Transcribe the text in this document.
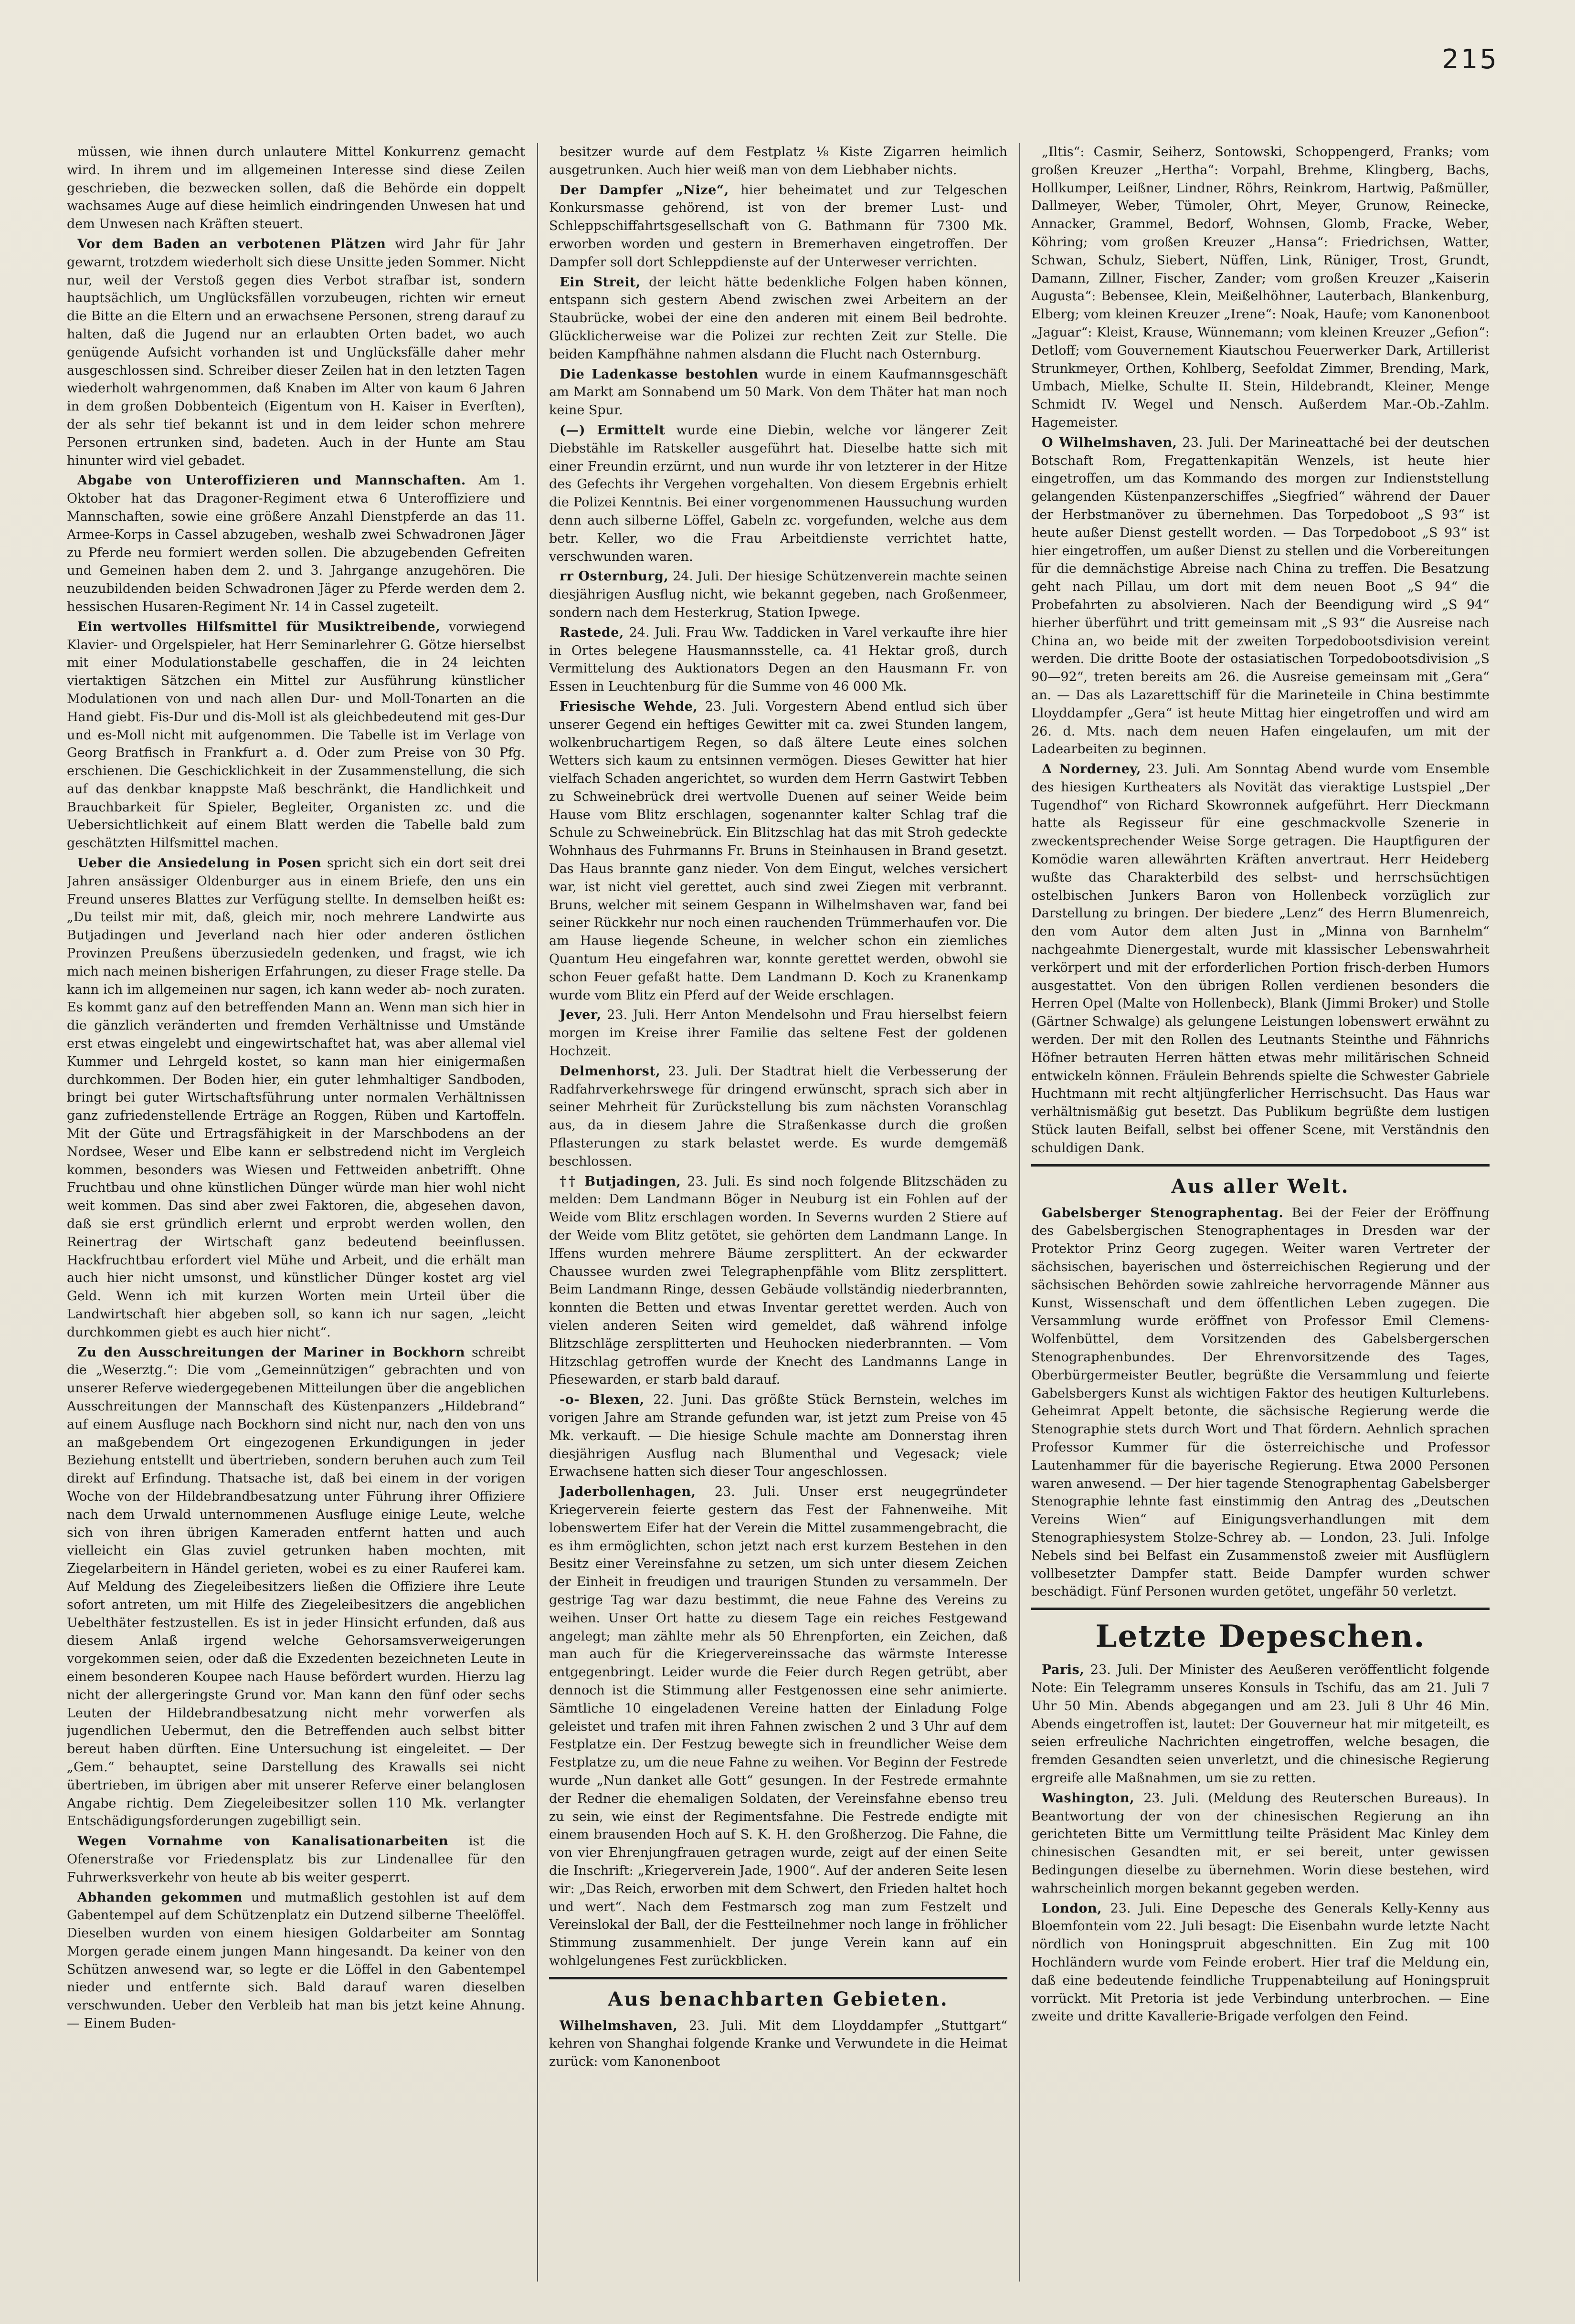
215

müssen, wie ihnen durch unlautere Mittel Konkurrenz gemacht wird. In ihrem und im allgemeinen Interesse sind diese Zeilen geschrieben, die bezwecken sollen, daß die Behörde ein doppelt wachsames Auge auf diese heimlich eindringenden Unwesen hat und dem Unwesen nach Kräften steuert.

Vor dem Baden an verbotenen Plätzen wird Jahr für Jahr gewarnt, trotzdem wiederholt sich diese Unsitte jeden Sommer. Nicht nur, weil der Verstoß gegen dies Verbot strafbar ist, sondern hauptsächlich, um Unglücksfällen vorzubeugen, richten wir erneut die Bitte an die Eltern und an erwachsene Personen, streng darauf zu halten, daß die Jugend nur an erlaubten Orten badet, wo auch genügende Aufsicht vorhanden ist und Unglücksfälle daher mehr ausgeschlossen sind. Schreiber dieser Zeilen hat in den letzten Tagen wiederholt wahrgenommen, daß Knaben im Alter von kaum 6 Jahren in dem großen Dobbenteich (Eigentum von H. Kaiser in Everſten), der als sehr tief bekannt ist und in dem leider schon mehrere Personen ertrunken sind, badeten. Auch in der Hunte am Stau hinunter wird viel gebadet.

Abgabe von Unteroffizieren und Mannschaften. Am 1. Oktober hat das Dragoner-Regiment etwa 6 Unteroffiziere und Mannschaften, sowie eine größere Anzahl Dienstpferde an das 11. Armee-Korps in Cassel abzugeben, weshalb zwei Schwadronen Jäger zu Pferde neu formiert werden sollen. Die abzugebenden Gefreiten und Gemeinen haben dem 2. und 3. Jahrgange anzugehören. Die neuzubildenden beiden Schwadronen Jäger zu Pferde werden dem 2. hessischen Husaren-Regiment Nr. 14 in Cassel zugeteilt.

Ein wertvolles Hilfsmittel für Musiktreibende, vorwiegend Klavier- und Orgelspieler, hat Herr Seminarlehrer G. Götze hierselbst mit einer Modulationstabelle geschaffen, die in 24 leichten viertaktigen Sätzchen ein Mittel zur Ausführung künstlicher Modulationen von und nach allen Dur- und Moll-Tonarten an die Hand giebt. Fis-Dur und dis-Moll ist als gleichbedeutend mit ges-Dur und es-Moll nicht mit aufgenommen. Die Tabelle ist im Verlage von Georg Bratfisch in Frankfurt a. d. Oder zum Preise von 30 Pfg. erschienen. Die Geschicklichkeit in der Zusammenstellung, die sich auf das denkbar knappste Maß beschränkt, die Handlichkeit und Brauchbarkeit für Spieler, Begleiter, Organisten zc. und die Uebersichtlichkeit auf einem Blatt werden die Tabelle bald zum geschätzten Hilfsmittel machen.

Ueber die Ansiedelung in Posen spricht sich ein dort seit drei Jahren ansässiger Oldenburger aus in einem Briefe, den uns ein Freund unseres Blattes zur Verfügung stellte. In demselben heißt es: „Du teilst mir mit, daß, gleich mir, noch mehrere Landwirte aus Butjadingen und Jeverland nach hier oder anderen östlichen Provinzen Preußens überzusiedeln gedenken, und fragst, wie ich mich nach meinen bisherigen Erfahrungen, zu dieser Frage stelle. Da kann ich im allgemeinen nur sagen, ich kann weder ab- noch zuraten. Es kommt ganz auf den betreffenden Mann an. Wenn man sich hier in die gänzlich veränderten und fremden Verhältnisse und Umstände erst etwas eingelebt und eingewirtschaftet hat, was aber allemal viel Kummer und Lehrgeld kostet, so kann man hier einigermaßen durchkommen. Der Boden hier, ein guter lehmhaltiger Sandboden, bringt bei guter Wirtschaftsführung unter normalen Verhältnissen ganz zufriedenstellende Erträge an Roggen, Rüben und Kartoffeln. Mit der Güte und Ertragsfähigkeit in der Marschbodens an der Nordsee, Weser und Elbe kann er selbstredend nicht im Vergleich kommen, besonders was Wiesen und Fettweiden anbetrifft. Ohne Fruchtbau und ohne künstlichen Dünger würde man hier wohl nicht weit kommen. Das sind aber zwei Faktoren, die, abgesehen davon, daß sie erst gründlich erlernt und erprobt werden wollen, den Reinertrag der Wirtschaft ganz bedeutend beeinflussen. Hackfruchtbau erfordert viel Mühe und Arbeit, und die erhält man auch hier nicht umsonst, und künstlicher Dünger kostet arg viel Geld. Wenn ich mit kurzen Worten mein Urteil über die Landwirtschaft hier abgeben soll, so kann ich nur sagen, „leicht durchkommen giebt es auch hier nicht“.

Zu den Ausschreitungen der Mariner in Bockhorn schreibt die „Weserztg.“: Die vom „Gemeinnützigen“ gebrachten und von unserer Referve wiedergegebenen Mitteilungen über die angeblichen Ausschreitungen der Mannschaft des Küstenpanzers „Hildebrand“ auf einem Ausfluge nach Bockhorn sind nicht nur, nach den von uns an maßgebendem Ort eingezogenen Erkundigungen in jeder Beziehung entstellt und übertrieben, sondern beruhen auch zum Teil direkt auf Erfindung. Thatsache ist, daß bei einem in der vorigen Woche von der Hildebrandbesatzung unter Führung ihrer Offiziere nach dem Urwald unternommenen Ausfluge einige Leute, welche sich von ihren übrigen Kameraden entfernt hatten und auch vielleicht ein Glas zuviel getrunken haben mochten, mit Ziegelarbeitern in Händel gerieten, wobei es zu einer Rauferei kam. Auf Meldung des Ziegeleibesitzers ließen die Offiziere ihre Leute sofort antreten, um mit Hilfe des Ziegeleibesitzers die angeblichen Uebelthäter festzustellen. Es ist in jeder Hinsicht erfunden, daß aus diesem Anlaß irgend welche Gehorsamsverweigerungen vorgekommen seien, oder daß die Exzedenten bezeichneten Leute in einem besonderen Koupee nach Hause befördert wurden. Hierzu lag nicht der allergeringste Grund vor. Man kann den fünf oder sechs Leuten der Hildebrandbesatzung nicht mehr vorwerfen als jugendlichen Uebermut, den die Betreffenden auch selbst bitter bereut haben dürften. Eine Untersuchung ist eingeleitet. — Der „Gem.“ behauptet, seine Darstellung des Krawalls sei nicht übertrieben, im übrigen aber mit unserer Referve einer belanglosen Angabe richtig. Dem Ziegeleibesitzer sollen 110 Mk. verlangter Entschädigungsforderungen zugebilligt sein.

Wegen Vornahme von Kanalisationarbeiten ist die Ofenerstraße vor Friedensplatz bis zur Lindenallee für den Fuhrwerksverkehr von heute ab bis weiter gesperrt.

Abhanden gekommen und mutmaßlich gestohlen ist auf dem Gabentempel auf dem Schützenplatz ein Dutzend silberne Theelöffel. Dieselben wurden von einem hiesigen Goldarbeiter am Sonntag Morgen gerade einem jungen Mann hingesandt. Da keiner von den Schützen anwesend war, so legte er die Löffel in den Gabentempel nieder und entfernte sich. Bald darauf waren dieselben verschwunden. Ueber den Verbleib hat man bis jetzt keine Ahnung. — Einem Buden-

besitzer wurde auf dem Festplatz ⅛ Kiste Zigarren heimlich ausgetrunken. Auch hier weiß man von dem Liebhaber nichts.

Der Dampfer „Nize“, hier beheimatet und zur Telgeschen Konkursmasse gehörend, ist von der bremer Lust- und Schleppschiffahrtsgesellschaft von G. Bathmann für 7300 Mk. erworben worden und gestern in Bremerhaven eingetroffen. Der Dampfer soll dort Schleppdienste auf der Unterweser verrichten.

Ein Streit, der leicht hätte bedenkliche Folgen haben können, entspann sich gestern Abend zwischen zwei Arbeitern an der Staubrücke, wobei der eine den anderen mit einem Beil bedrohte. Glücklicherweise war die Polizei zur rechten Zeit zur Stelle. Die beiden Kampfhähne nahmen alsdann die Flucht nach Osternburg.

Die Ladenkasse bestohlen wurde in einem Kaufmannsgeschäft am Markt am Sonnabend um 50 Mark. Von dem Thäter hat man noch keine Spur.

(—) Ermittelt wurde eine Diebin, welche vor längerer Zeit Diebstähle im Ratskeller ausgeführt hat. Dieselbe hatte sich mit einer Freundin erzürnt, und nun wurde ihr von letzterer in der Hitze des Gefechts ihr Vergehen vorgehalten. Von diesem Ergebnis erhielt die Polizei Kenntnis. Bei einer vorgenommenen Haussuchung wurden denn auch silberne Löffel, Gabeln zc. vorgefunden, welche aus dem betr. Keller, wo die Frau Arbeitdienste verrichtet hatte, verschwunden waren.

rr Osternburg, 24. Juli. Der hiesige Schützenverein machte seinen diesjährigen Ausflug nicht, wie bekannt gegeben, nach Großenmeer, sondern nach dem Hesterkrug, Station Ipwege.

Rastede, 24. Juli. Frau Ww. Taddicken in Varel verkaufte ihre hier in Ortes belegene Hausmannsstelle, ca. 41 Hektar groß, durch Vermittelung des Auktionators Degen an den Hausmann Fr. von Essen in Leuchtenburg für die Summe von 46 000 Mk.

Friesische Wehde, 23. Juli. Vorgestern Abend entlud sich über unserer Gegend ein heftiges Gewitter mit ca. zwei Stunden langem, wolkenbruchartigem Regen, so daß ältere Leute eines solchen Wetters sich kaum zu entsinnen vermögen. Dieses Gewitter hat hier vielfach Schaden angerichtet, so wurden dem Herrn Gastwirt Tebben zu Schweinebrück drei wertvolle Duenen auf seiner Weide beim Hause vom Blitz erschlagen, sogenannter kalter Schlag traf die Schule zu Schweinebrück. Ein Blitzschlag hat das mit Stroh gedeckte Wohnhaus des Fuhrmanns Fr. Bruns in Steinhausen in Brand gesetzt. Das Haus brannte ganz nieder. Von dem Eingut, welches versichert war, ist nicht viel gerettet, auch sind zwei Ziegen mit verbrannt. Bruns, welcher mit seinem Gespann in Wilhelmshaven war, fand bei seiner Rückkehr nur noch einen rauchenden Trümmerhaufen vor. Die am Hause liegende Scheune, in welcher schon ein ziemliches Quantum Heu eingefahren war, konnte gerettet werden, obwohl sie schon Feuer gefaßt hatte. Dem Landmann D. Koch zu Kranenkamp wurde vom Blitz ein Pferd auf der Weide erschlagen.

Jever, 23. Juli. Herr Anton Mendelsohn und Frau hierselbst feiern morgen im Kreise ihrer Familie das seltene Fest der goldenen Hochzeit.

Delmenhorst, 23. Juli. Der Stadtrat hielt die Verbesserung der Radfahrverkehrswege für dringend erwünscht, sprach sich aber in seiner Mehrheit für Zurückstellung bis zum nächsten Voranschlag aus, da in diesem Jahre die Straßenkasse durch die großen Pflasterungen zu stark belastet werde. Es wurde demgemäß beschlossen.

†† Butjadingen, 23. Juli. Es sind noch folgende Blitzschäden zu melden: Dem Landmann Böger in Neuburg ist ein Fohlen auf der Weide vom Blitz erschlagen worden. In Severns wurden 2 Stiere auf der Weide vom Blitz getötet, sie gehörten dem Landmann Lange. In Iffens wurden mehrere Bäume zersplittert. An der eckwarder Chaussee wurden zwei Telegraphenpfähle vom Blitz zersplittert. Beim Landmann Ringe, dessen Gebäude vollständig niederbrannten, konnten die Betten und etwas Inventar gerettet werden. Auch von vielen anderen Seiten wird gemeldet, daß während infolge Blitzschläge zersplitterten und Heuhocken niederbrannten. — Vom Hitzschlag getroffen wurde der Knecht des Landmanns Lange in Pfiesewarden, er starb bald darauf.

-o- Blexen, 22. Juni. Das größte Stück Bernstein, welches im vorigen Jahre am Strande gefunden war, ist jetzt zum Preise von 45 Mk. verkauft. — Die hiesige Schule machte am Donnerstag ihren diesjährigen Ausflug nach Blumenthal und Vegesack; viele Erwachsene hatten sich dieser Tour angeschlossen.

Jaderbollenhagen, 23. Juli. Unser erst neugegründeter Kriegerverein feierte gestern das Fest der Fahnenweihe. Mit lobenswertem Eifer hat der Verein die Mittel zusammengebracht, die es ihm ermöglichten, schon jetzt nach erst kurzem Bestehen in den Besitz einer Vereinsfahne zu setzen, um sich unter diesem Zeichen der Einheit in freudigen und traurigen Stunden zu versammeln. Der gestrige Tag war dazu bestimmt, die neue Fahne des Vereins zu weihen. Unser Ort hatte zu diesem Tage ein reiches Festgewand angelegt; man zählte mehr als 50 Ehrenpforten, ein Zeichen, daß man auch für die Kriegervereinssache das wärmste Interesse entgegenbringt. Leider wurde die Feier durch Regen getrübt, aber dennoch ist die Stimmung aller Festgenossen eine sehr animierte. Sämtliche 10 eingeladenen Vereine hatten der Einladung Folge geleistet und trafen mit ihren Fahnen zwischen 2 und 3 Uhr auf dem Festplatze ein. Der Festzug bewegte sich in freundlicher Weise dem Festplatze zu, um die neue Fahne zu weihen. Vor Beginn der Festrede wurde „Nun danket alle Gott“ gesungen. In der Festrede ermahnte der Redner die ehemaligen Soldaten, der Vereinsfahne ebenso treu zu sein, wie einst der Regimentsfahne. Die Festrede endigte mit einem brausenden Hoch auf S. K. H. den Großherzog. Die Fahne, die von vier Ehrenjungfrauen getragen wurde, zeigt auf der einen Seite die Inschrift: „Kriegerverein Jade, 1900“. Auf der anderen Seite lesen wir: „Das Reich, erworben mit dem Schwert, den Frieden haltet hoch und wert“. Nach dem Festmarsch zog man zum Festzelt und Vereinslokal der Ball, der die Festteilnehmer noch lange in fröhlicher Stimmung zusammenhielt. Der junge Verein kann auf ein wohlgelungenes Fest zurückblicken.

Aus benachbarten Gebieten.

Wilhelmshaven, 23. Juli. Mit dem Lloyddampfer „Stuttgart“ kehren von Shanghai folgende Kranke und Verwundete in die Heimat zurück: vom Kanonenboot

„Iltis“: Casmir, Seiherz, Sontowski, Schoppengerd, Franks; vom großen Kreuzer „Hertha“: Vorpahl, Brehme, Klingberg, Bachs, Hollkumper, Leißner, Lindner, Röhrs, Reinkrom, Hartwig, Paßmüller, Dallmeyer, Weber, Tümoler, Ohrt, Meyer, Grunow, Reinecke, Annacker, Grammel, Bedorf, Wohnsen, Glomb, Fracke, Weber, Köhring; vom großen Kreuzer „Hansa“: Friedrichsen, Watter, Schwan, Schulz, Siebert, Nüffen, Link, Rüniger, Trost, Grundt, Damann, Zillner, Fischer, Zander; vom großen Kreuzer „Kaiserin Augusta“: Bebensee, Klein, Meißelhöhner, Lauterbach, Blankenburg, Elberg; vom kleinen Kreuzer „Irene“: Noak, Haufe; vom Kanonenboot „Jaguar“: Kleist, Krause, Wünnemann; vom kleinen Kreuzer „Gefion“: Detloff; vom Gouvernement Kiautschou Feuerwerker Dark, Artillerist Strunkmeyer, Orthen, Kohlberg, Seefoldat Zimmer, Brending, Mark, Umbach, Mielke, Schulte II. Stein, Hildebrandt, Kleiner, Menge Schmidt IV. Wegel und Nensch. Außerdem Mar.-Ob.-Zahlm. Hagemeister.

O Wilhelmshaven, 23. Juli. Der Marineattaché bei der deutschen Botschaft Rom, Fregattenkapitän Wenzels, ist heute hier eingetroffen, um das Kommando des morgen zur Indienststellung gelangenden Küstenpanzerschiffes „Siegfried“ während der Dauer der Herbstmanöver zu übernehmen. Das Torpedoboot „S 93“ ist heute außer Dienst gestellt worden. — Das Torpedoboot „S 93“ ist hier eingetroffen, um außer Dienst zu stellen und die Vorbereitungen für die demnächstige Abreise nach China zu treffen. Die Besatzung geht nach Pillau, um dort mit dem neuen Boot „S 94“ die Probefahrten zu absolvieren. Nach der Beendigung wird „S 94“ hierher überführt und tritt gemeinsam mit „S 93“ die Ausreise nach China an, wo beide mit der zweiten Torpedobootsdivision vereint werden. Die dritte Boote der ostasiatischen Torpedobootsdivision „S 90—92“, treten bereits am 26. die Ausreise gemeinsam mit „Gera“ an. — Das als Lazarettschiff für die Marineteile in China bestimmte Lloyddampfer „Gera“ ist heute Mittag hier eingetroffen und wird am 26. d. Mts. nach dem neuen Hafen eingelaufen, um mit der Ladearbeiten zu beginnen.

Δ Norderney, 23. Juli. Am Sonntag Abend wurde vom Ensemble des hiesigen Kurtheaters als Novität das vieraktige Lustspiel „Der Tugendhof“ von Richard Skowronnek aufgeführt. Herr Dieckmann hatte als Regisseur für eine geschmackvolle Szenerie in zweckentsprechender Weise Sorge getragen. Die Hauptfiguren der Komödie waren allewährten Kräften anvertraut. Herr Heideberg wußte das Charakterbild des selbst- und herrschsüchtigen ostelbischen Junkers Baron von Hollenbeck vorzüglich zur Darstellung zu bringen. Der biedere „Lenz“ des Herrn Blumenreich, den vom Autor dem alten Just in „Minna von Barnhelm“ nachgeahmte Dienergestalt, wurde mit klassischer Lebenswahrheit verkörpert und mit der erforderlichen Portion frisch-derben Humors ausgestattet. Von den übrigen Rollen verdienen besonders die Herren Opel (Malte von Hollenbeck), Blank (Jimmi Broker) und Stolle (Gärtner Schwalge) als gelungene Leistungen lobenswert erwähnt zu werden. Der mit den Rollen des Leutnants Steinthe und Fähnrichs Höfner betrauten Herren hätten etwas mehr militärischen Schneid entwickeln können. Fräulein Behrends spielte die Schwester Gabriele Huchtmann mit recht altjüngferlicher Herrischsucht. Das Haus war verhältnismäßig gut besetzt. Das Publikum begrüßte dem lustigen Stück lauten Beifall, selbst bei offener Scene, mit Verständnis den schuldigen Dank.

Aus aller Welt.

Gabelsberger Stenographentag. Bei der Feier der Eröffnung des Gabelsbergischen Stenographentages in Dresden war der Protektor Prinz Georg zugegen. Weiter waren Vertreter der sächsischen, bayerischen und österreichischen Regierung und der sächsischen Behörden sowie zahlreiche hervorragende Männer aus Kunst, Wissenschaft und dem öffentlichen Leben zugegen. Die Versammlung wurde eröffnet von Professor Emil Clemens-Wolfenbüttel, dem Vorsitzenden des Gabelsbergerschen Stenographenbundes. Der Ehrenvorsitzende des Tages, Oberbürgermeister Beutler, begrüßte die Versammlung und feierte Gabelsbergers Kunst als wichtigen Faktor des heutigen Kulturlebens. Geheimrat Appelt betonte, die sächsische Regierung werde die Stenographie stets durch Wort und That fördern. Aehnlich sprachen Professor Kummer für die österreichische und Professor Lautenhammer für die bayerische Regierung. Etwa 2000 Personen waren anwesend. — Der hier tagende Stenographentag Gabelsberger Stenographie lehnte fast einstimmig den Antrag des „Deutschen Vereins Wien“ auf Einigungsverhandlungen mit dem Stenographiesystem Stolze-Schrey ab. — London, 23. Juli. Infolge Nebels sind bei Belfast ein Zusammenstoß zweier mit Ausflüglern vollbesetzter Dampfer statt. Beide Dampfer wurden schwer beschädigt. Fünf Personen wurden getötet, ungefähr 50 verletzt.

Letzte Depeschen.

Paris, 23. Juli. Der Minister des Aeußeren veröffentlicht folgende Note: Ein Telegramm unseres Konsuls in Tschifu, das am 21. Juli 7 Uhr 50 Min. Abends abgegangen und am 23. Juli 8 Uhr 46 Min. Abends eingetroffen ist, lautet: Der Gouverneur hat mir mitgeteilt, es seien erfreuliche Nachrichten eingetroffen, welche besagen, die fremden Gesandten seien unverletzt, und die chinesische Regierung ergreife alle Maßnahmen, um sie zu retten.

Washington, 23. Juli. (Meldung des Reuterschen Bureaus). In Beantwortung der von der chinesischen Regierung an ihn gerichteten Bitte um Vermittlung teilte Präsident Mac Kinley dem chinesischen Gesandten mit, er sei bereit, unter gewissen Bedingungen dieselbe zu übernehmen. Worin diese bestehen, wird wahrscheinlich morgen bekannt gegeben werden.

London, 23. Juli. Eine Depesche des Generals Kelly-Kenny aus Bloemfontein vom 22. Juli besagt: Die Eisenbahn wurde letzte Nacht nördlich von Honingspruit abgeschnitten. Ein Zug mit 100 Hochländern wurde vom Feinde erobert. Hier traf die Meldung ein, daß eine bedeutende feindliche Truppenabteilung auf Honingspruit vorrückt. Mit Pretoria ist jede Verbindung unterbrochen. — Eine zweite und dritte Kavallerie-Brigade verfolgen den Feind.
